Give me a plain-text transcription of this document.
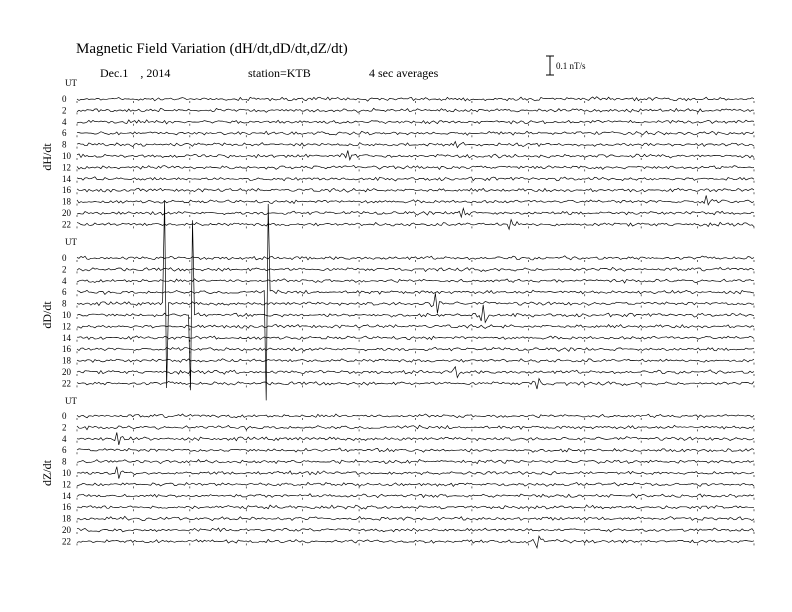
Magnetic Field Variation (dH/dt,dD/dt,dZ/dt)
Dec.1 , 2014	station=KTB	4 sec averages	0.1 nT/s
UT
dH/dt
0
2
4
6
8
10
12
14
16
18
20
22
UT
dD/dt
0
2
4
6
8
10
12
14
16
18
20
22
UT
dZ/dt
0
2
4
6
8
10
12
14
16
18
20
22
